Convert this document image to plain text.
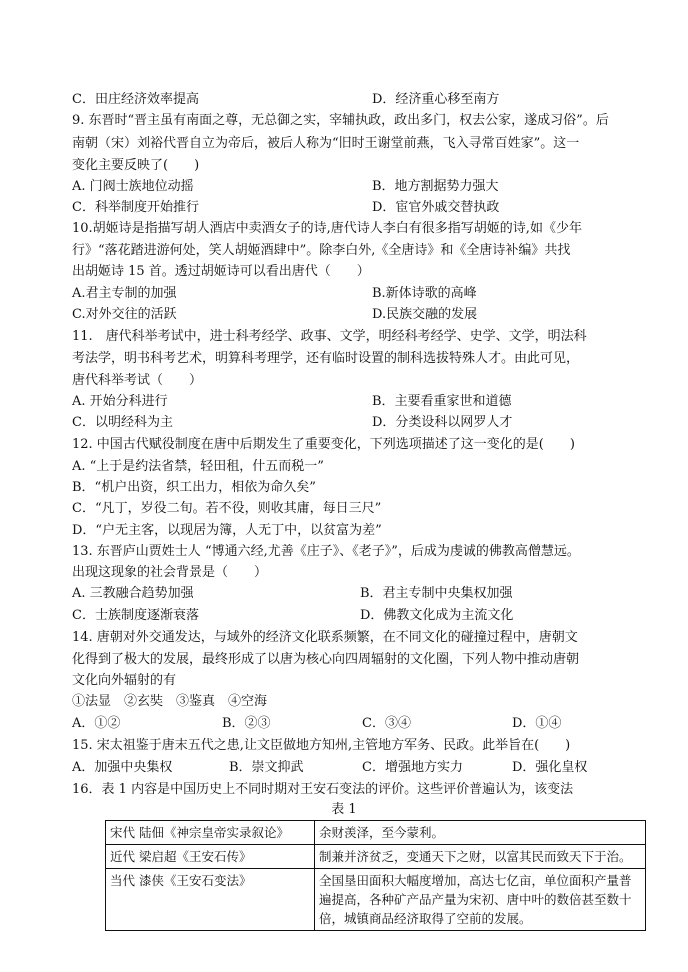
C．田庄经济效率提高	D．经济重心移至南方
9. 东晋时“晋主虽有南面之尊，无总御之实，宰辅执政，政出多门，权去公家，遂成习俗”。后
南朝（宋）刘裕代晋自立为帝后，被后人称为“旧时王谢堂前燕，飞入寻常百姓家”。这一
变化主要反映了(　　)
A. 门阀士族地位动摇	B．地方割据势力强大
C．科举制度开始推行	D．宦官外戚交替执政
10.胡姬诗是指描写胡人酒店中卖酒女子的诗,唐代诗人李白有很多指写胡姬的诗,如《少年
行》“落花踏进游何处，笑人胡姬酒肆中”。除李白外,《全唐诗》和《全唐诗补编》共找
出胡姬诗 15 首。透过胡姬诗可以看出唐代（　　）
A.君主专制的加强	B.新体诗歌的高峰
C.对外交往的活跃	D.民族交融的发展
11.　唐代科举考试中，进士科考经学、政事、文学，明经科考经学、史学、文学，明法科
考法学，明书科考艺术，明算科考理学，还有临时设置的制科选拔特殊人才。由此可见，
唐代科举考试（　　）
A. 开始分科进行	B．主要看重家世和道德
C．以明经科为主	D．分类设科以网罗人才
12. 中国古代赋役制度在唐中后期发生了重要变化，下列选项描述了这一变化的是(　　)
A. “上于是约法省禁，轻田租，什五而税一”
B．“机户出资，织工出力，相依为命久矣”
C．“凡丁，岁役二旬。若不役，则收其庸，每日三尺”
D．“户无主客，以现居为簿，人无丁中，以贫富为差”
13. 东晋庐山贾姓士人 “博通六经,尤善《庄子》、《老子》”，后成为虔诚的佛教高僧慧远。
出现这现象的社会背景是（　　）
A. 三教融合趋势加强	B．君主专制中央集权加强
C．士族制度逐渐衰落	D．佛教文化成为主流文化
14. 唐朝对外交通发达，与域外的经济文化联系频繁，在不同文化的碰撞过程中，唐朝文
化得到了极大的发展，最终形成了以唐为核心向四周辐射的文化圈，下列人物中推动唐朝
文化向外辐射的有
①法显　②玄奘　③鉴真　④空海
A．①②	B．②③	C．③④	D．①④
15. 宋太祖鉴于唐末五代之患,让文臣做地方知州,主管地方军务、民政。此举旨在(　　)
A．加强中央集权	B．崇文抑武	C．增强地方实力	D．强化皇权
16．表 1 内容是中国历史上不同时期对王安石变法的评价。这些评价普遍认为，该变法
表 1
宋代 陆佃《神宗皇帝实录叙论》	余财羡泽，至今蒙利。
近代 梁启超《王安石传》	制兼并济贫乏，变通天下之财，以富其民而致天下于治。
当代 漆侠《王安石变法》	全国垦田面积大幅度增加，高达七亿亩，单位面积产量普遍提高，各种矿产品产量为宋初、唐中叶的数倍甚至数十倍，城镇商品经济取得了空前的发展。
